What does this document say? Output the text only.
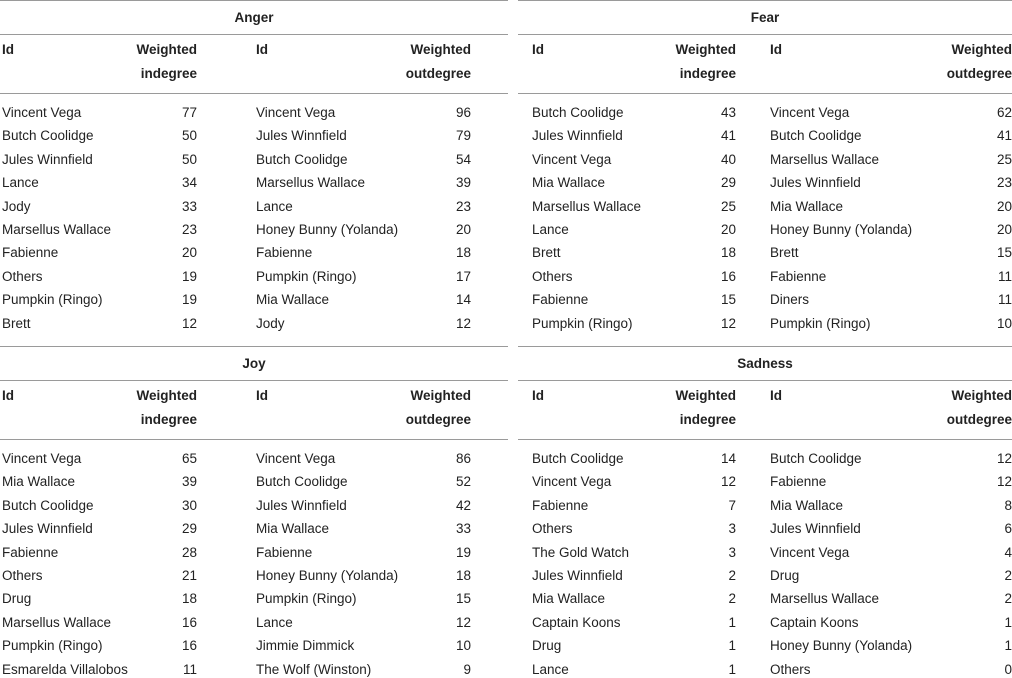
Anger
Id	Weighted
indegree
Id	Weighted
outdegree
Vincent Vega	77
Butch Coolidge	50
Jules Winnfield	50
Lance	34
Jody	33
Marsellus Wallace	23
Fabienne	20
Others	19
Pumpkin (Ringo)	19
Brett	12
Vincent Vega	96
Jules Winnfield	79
Butch Coolidge	54
Marsellus Wallace	39
Lance	23
Honey Bunny (Yolanda)	20
Fabienne	18
Pumpkin (Ringo)	17
Mia Wallace	14
Jody	12
Fear
Id	Weighted
indegree
Id	Weighted
outdegree
Butch Coolidge	43
Jules Winnfield	41
Vincent Vega	40
Mia Wallace	29
Marsellus Wallace	25
Lance	20
Brett	18
Others	16
Fabienne	15
Pumpkin (Ringo)	12
Vincent Vega	62
Butch Coolidge	41
Marsellus Wallace	25
Jules Winnfield	23
Mia Wallace	20
Honey Bunny (Yolanda)	20
Brett	15
Fabienne	11
Diners	11
Pumpkin (Ringo)	10
Joy
Id	Weighted
indegree
Id	Weighted
outdegree
Vincent Vega	65
Mia Wallace	39
Butch Coolidge	30
Jules Winnfield	29
Fabienne	28
Others	21
Drug	18
Marsellus Wallace	16
Pumpkin (Ringo)	16
Esmarelda Villalobos	11
Vincent Vega	86
Butch Coolidge	52
Jules Winnfield	42
Mia Wallace	33
Fabienne	19
Honey Bunny (Yolanda)	18
Pumpkin (Ringo)	15
Lance	12
Jimmie Dimmick	10
The Wolf (Winston)	9
Sadness
Id	Weighted
indegree
Id	Weighted
outdegree
Butch Coolidge	14
Vincent Vega	12
Fabienne	7
Others	3
The Gold Watch	3
Jules Winnfield	2
Mia Wallace	2
Captain Koons	1
Drug	1
Lance	1
Butch Coolidge	12
Fabienne	12
Mia Wallace	8
Jules Winnfield	6
Vincent Vega	4
Drug	2
Marsellus Wallace	2
Captain Koons	1
Honey Bunny (Yolanda)	1
Others	0
